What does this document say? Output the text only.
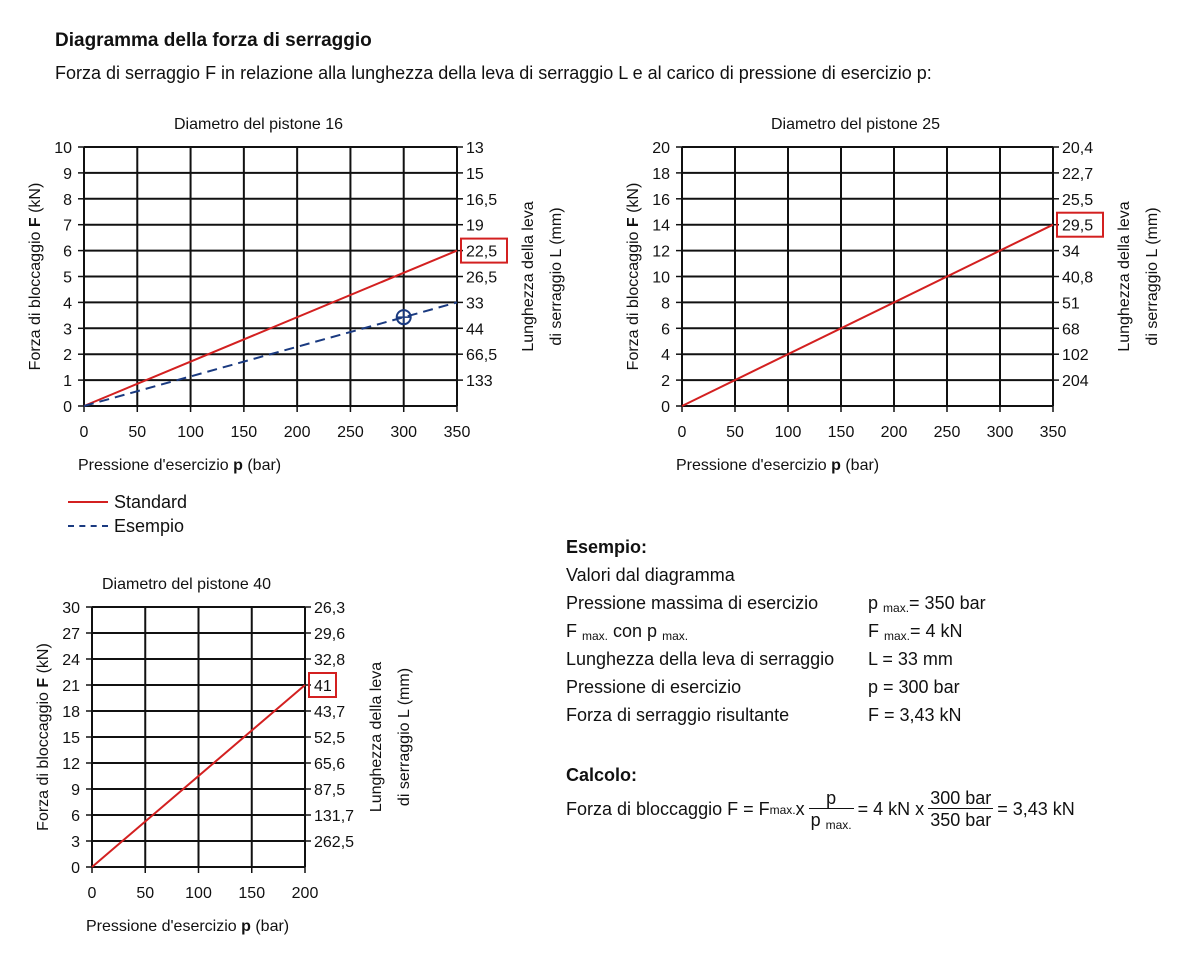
Diagramma della forza di serraggio
Forza di serraggio F in relazione alla lunghezza della leva di serraggio L e al carico di pressione di esercizio p:
0
1
2
3
4
5
6
7
8
9
10
0 50 100 150 200 250 300 350
133
66,5
44
33
26,5
22,5
19
16,5
15
13
Diametro del pistone 16
Pressione d'esercizio p (bar)
Forza di bloccaggio F (kN)
Lunghezza della leva di serraggio L (mm)
0
2
4
6
8
10
12
14
16
18
20
0 50 100 150 200 250 300 350
204
102
68
51
40,8
34
29,5
25,5
22,7
20,4
Diametro del pistone 25
Pressione d'esercizio p (bar)
Forza di bloccaggio F (kN)
Lunghezza della leva di serraggio L (mm)
0
3
6
9
12
15
18
21
24
27
30
0 50 100 150 200
262,5
131,7
87,5
65,6
52,5
43,7
41
32,8
29,6
26,3
Diametro del pistone 40
Pressione d'esercizio p (bar)
Forza di bloccaggio F (kN)
Lunghezza della leva di serraggio L (mm)
Standard
Esempio
Esempio:
Valori dal diagramma
Pressione massima di esercizio	p $_{max.}$= 350 bar
F $_{max.}$ con p $_{max.}$	F $_{max.}$= 4 kN
Lunghezza della leva di serraggio	L = 33 mm
Pressione di esercizio	p = 300 bar
Forza di serraggio risultante	F = 3,43 kN
Calcolo:
Forza di bloccaggio F = F max. x $\frac{p}{p _{max.}} = 4$ kN x $\frac{\text{300 bar}}{\text{350 bar}} = 3,43$ kN
